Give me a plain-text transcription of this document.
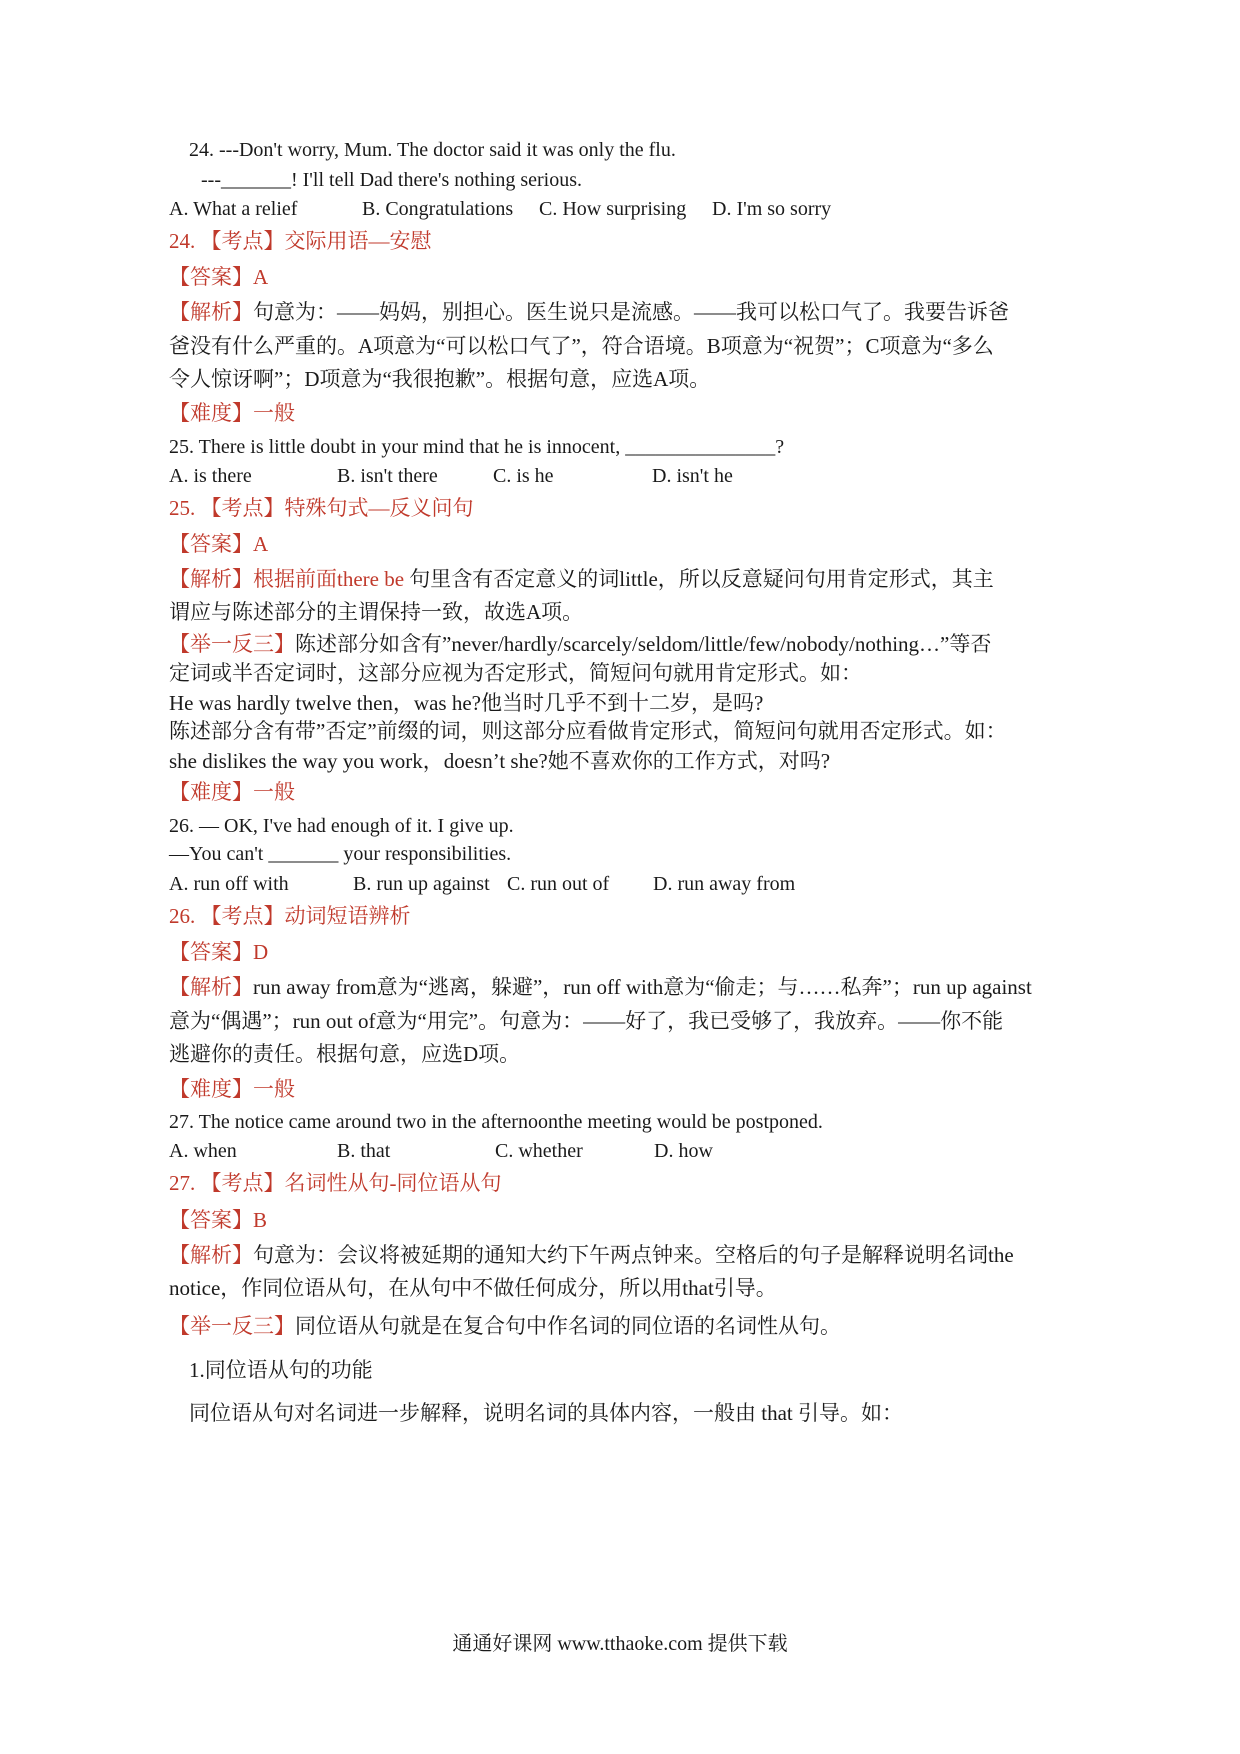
24. ---Don't worry, Mum. The doctor said it was only the flu.
---_______! I'll tell Dad there's nothing serious.
A. What a relief	B. Congratulations C. How surprising D. I'm so sorry
24. 【考点】交际用语—安慰
【答案】A
【解析】句意为：——妈妈，别担心。医生说只是流感。——我可以松口气了。我要告诉爸
爸没有什么严重的。A项意为“可以松口气了”，符合语境。B项意为“祝贺”；C项意为“多么
令人惊讶啊”；D项意为“我很抱歉”。根据句意，应选A项。
【难度】一般
25. There is little doubt in your mind that he is innocent, _______________?
A. is there	B. isn't there	C. is he	D. isn't he
25. 【考点】特殊句式—反义问句
【答案】A
【解析】根据前面there be 句里含有否定意义的词little，所以反意疑问句用肯定形式，其主
谓应与陈述部分的主谓保持一致，故选A项。
【举一反三】陈述部分如含有”never/hardly/scarcely/seldom/little/few/nobody/nothing…”等否
定词或半否定词时，这部分应视为否定形式，简短问句就用肯定形式。如：
He was hardly twelve then，was he?他当时几乎不到十二岁，是吗?
陈述部分含有带”否定”前缀的词，则这部分应看做肯定形式，简短问句就用否定形式。如：
she dislikes the way you work，doesn’t she?她不喜欢你的工作方式，对吗?
【难度】一般
26. — OK, I've had enough of it. I give up.
—You can't _______ your responsibilities.
A. run off with	B. run up against C. run out of D. run away from
26. 【考点】动词短语辨析
【答案】D
【解析】run away from意为“逃离，躲避”，run off with意为“偷走；与……私奔”；run up against
意为“偶遇”；run out of意为“用完”。句意为：——好了，我已受够了，我放弃。——你不能
逃避你的责任。根据句意，应选D项。
【难度】一般
27. The notice came around two in the afternoonthe meeting would be postponed.
A. when	B. that	C. whether	D. how
27. 【考点】名词性从句-同位语从句
【答案】B
【解析】句意为：会议将被延期的通知大约下午两点钟来。空格后的句子是解释说明名词the
notice，作同位语从句，在从句中不做任何成分，所以用that引导。
【举一反三】同位语从句就是在复合句中作名词的同位语的名词性从句。
1.同位语从句的功能
同位语从句对名词进一步解释，说明名词的具体内容，一般由 that 引导。如：
通通好课网 www.tthaoke.com 提供下载
